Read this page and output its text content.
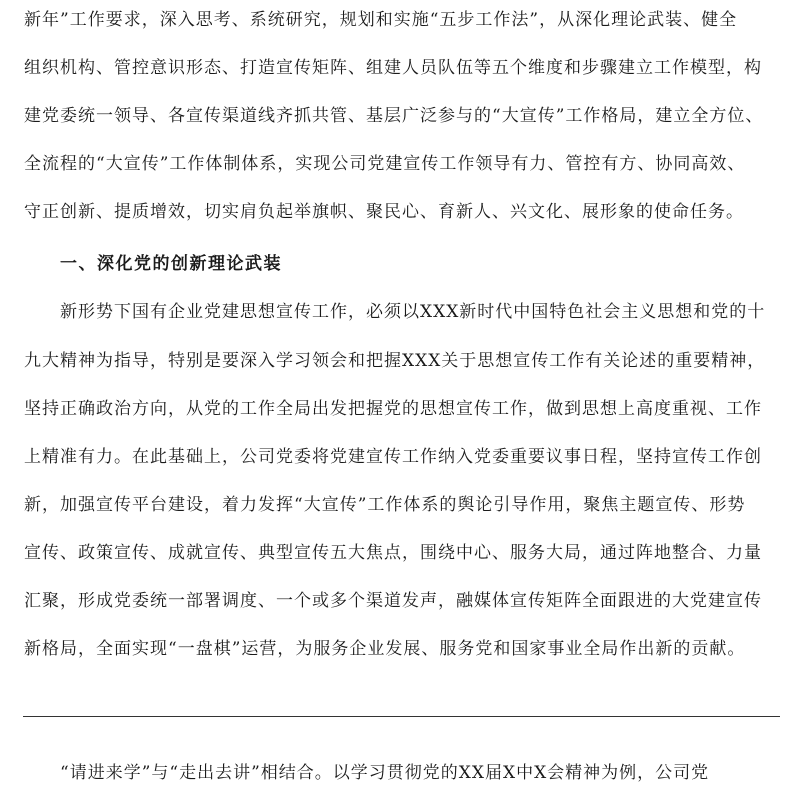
新年”工作要求，深入思考、系统研究，规划和实施“五步工作法”，从深化理论武装、健全
组织机构、管控意识形态、打造宣传矩阵、组建人员队伍等五个维度和步骤建立工作模型，构
建党委统一领导、各宣传渠道线齐抓共管、基层广泛参与的“大宣传”工作格局，建立全方位、
全流程的“大宣传”工作体制体系，实现公司党建宣传工作领导有力、管控有方、协同高效、
守正创新、提质增效，切实肩负起举旗帜、聚民心、育新人、兴文化、展形象的使命任务。
一、深化党的创新理论武装
新形势下国有企业党建思想宣传工作，必须以XXX新时代中国特色社会主义思想和党的十
九大精神为指导，特别是要深入学习领会和把握XXX关于思想宣传工作有关论述的重要精神，
坚持正确政治方向，从党的工作全局出发把握党的思想宣传工作，做到思想上高度重视、工作
上精准有力。在此基础上，公司党委将党建宣传工作纳入党委重要议事日程，坚持宣传工作创
新，加强宣传平台建设，着力发挥“大宣传”工作体系的舆论引导作用，聚焦主题宣传、形势
宣传、政策宣传、成就宣传、典型宣传五大焦点，围绕中心、服务大局，通过阵地整合、力量
汇聚，形成党委统一部署调度、一个或多个渠道发声，融媒体宣传矩阵全面跟进的大党建宣传
新格局，全面实现“一盘棋”运营，为服务企业发展、服务党和国家事业全局作出新的贡献。
“请进来学”与“走出去讲”相结合。以学习贯彻党的XX届X中X会精神为例，公司党
